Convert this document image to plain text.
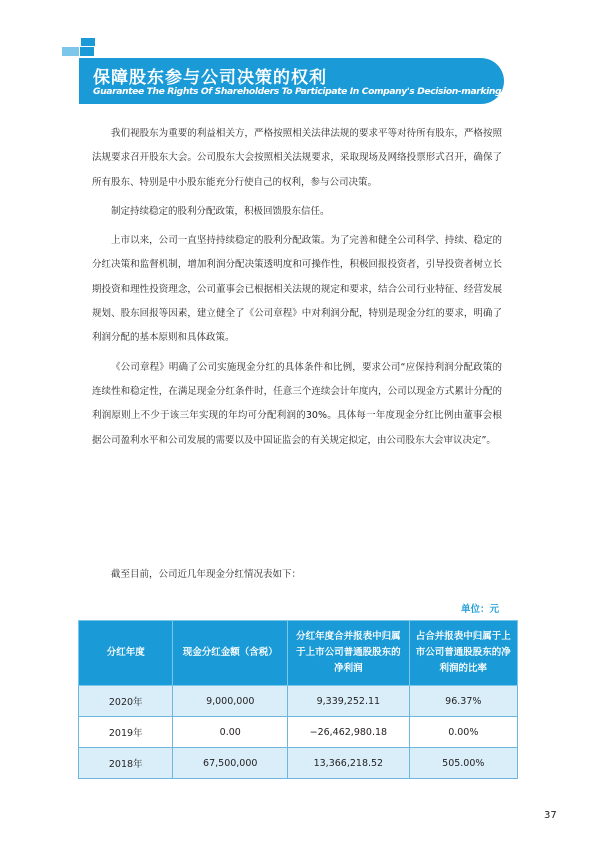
保障股东参与公司决策的权利
Guarantee The Rights Of Shareholders To Participate In Company's Decision-marking

我们视股东为重要的利益相关方，严格按照相关法律法规的要求平等对待所有股东，严格按照法规要求召开股东大会。公司股东大会按照相关法规要求，采取现场及网络投票形式召开，确保了所有股东、特别是中小股东能充分行使自己的权利，参与公司决策。

制定持续稳定的股利分配政策，积极回馈股东信任。

上市以来，公司一直坚持持续稳定的股利分配政策。为了完善和健全公司科学、持续、稳定的分红决策和监督机制，增加利润分配决策透明度和可操作性，积极回报投资者，引导投资者树立长期投资和理性投资理念，公司董事会已根据相关法规的规定和要求，结合公司行业特征、经营发展规划、股东回报等因素，建立健全了《公司章程》中对利润分配，特别是现金分红的要求，明确了利润分配的基本原则和具体政策。

《公司章程》明确了公司实施现金分红的具体条件和比例，要求公司“应保持利润分配政策的连续性和稳定性，在满足现金分红条件时，任意三个连续会计年度内，公司以现金方式累计分配的利润原则上不少于该三年实现的年均可分配利润的30%。具体每一年度现金分红比例由董事会根据公司盈利水平和公司发展的需要以及中国证监会的有关规定拟定，由公司股东大会审议决定”。

截至目前，公司近几年现金分红情况表如下：
单位：元
分红年度	现金分红金额（含税）	分红年度合并报表中归属于上市公司普通股股东的净利润	占合并报表中归属于上市公司普通股股东的净利润的比率
2020年	9,000,000	9,339,252.11	96.37%
2019年	0.00	−26,462,980.18	0.00%
2018年	67,500,000	13,366,218.52	505.00%
37
